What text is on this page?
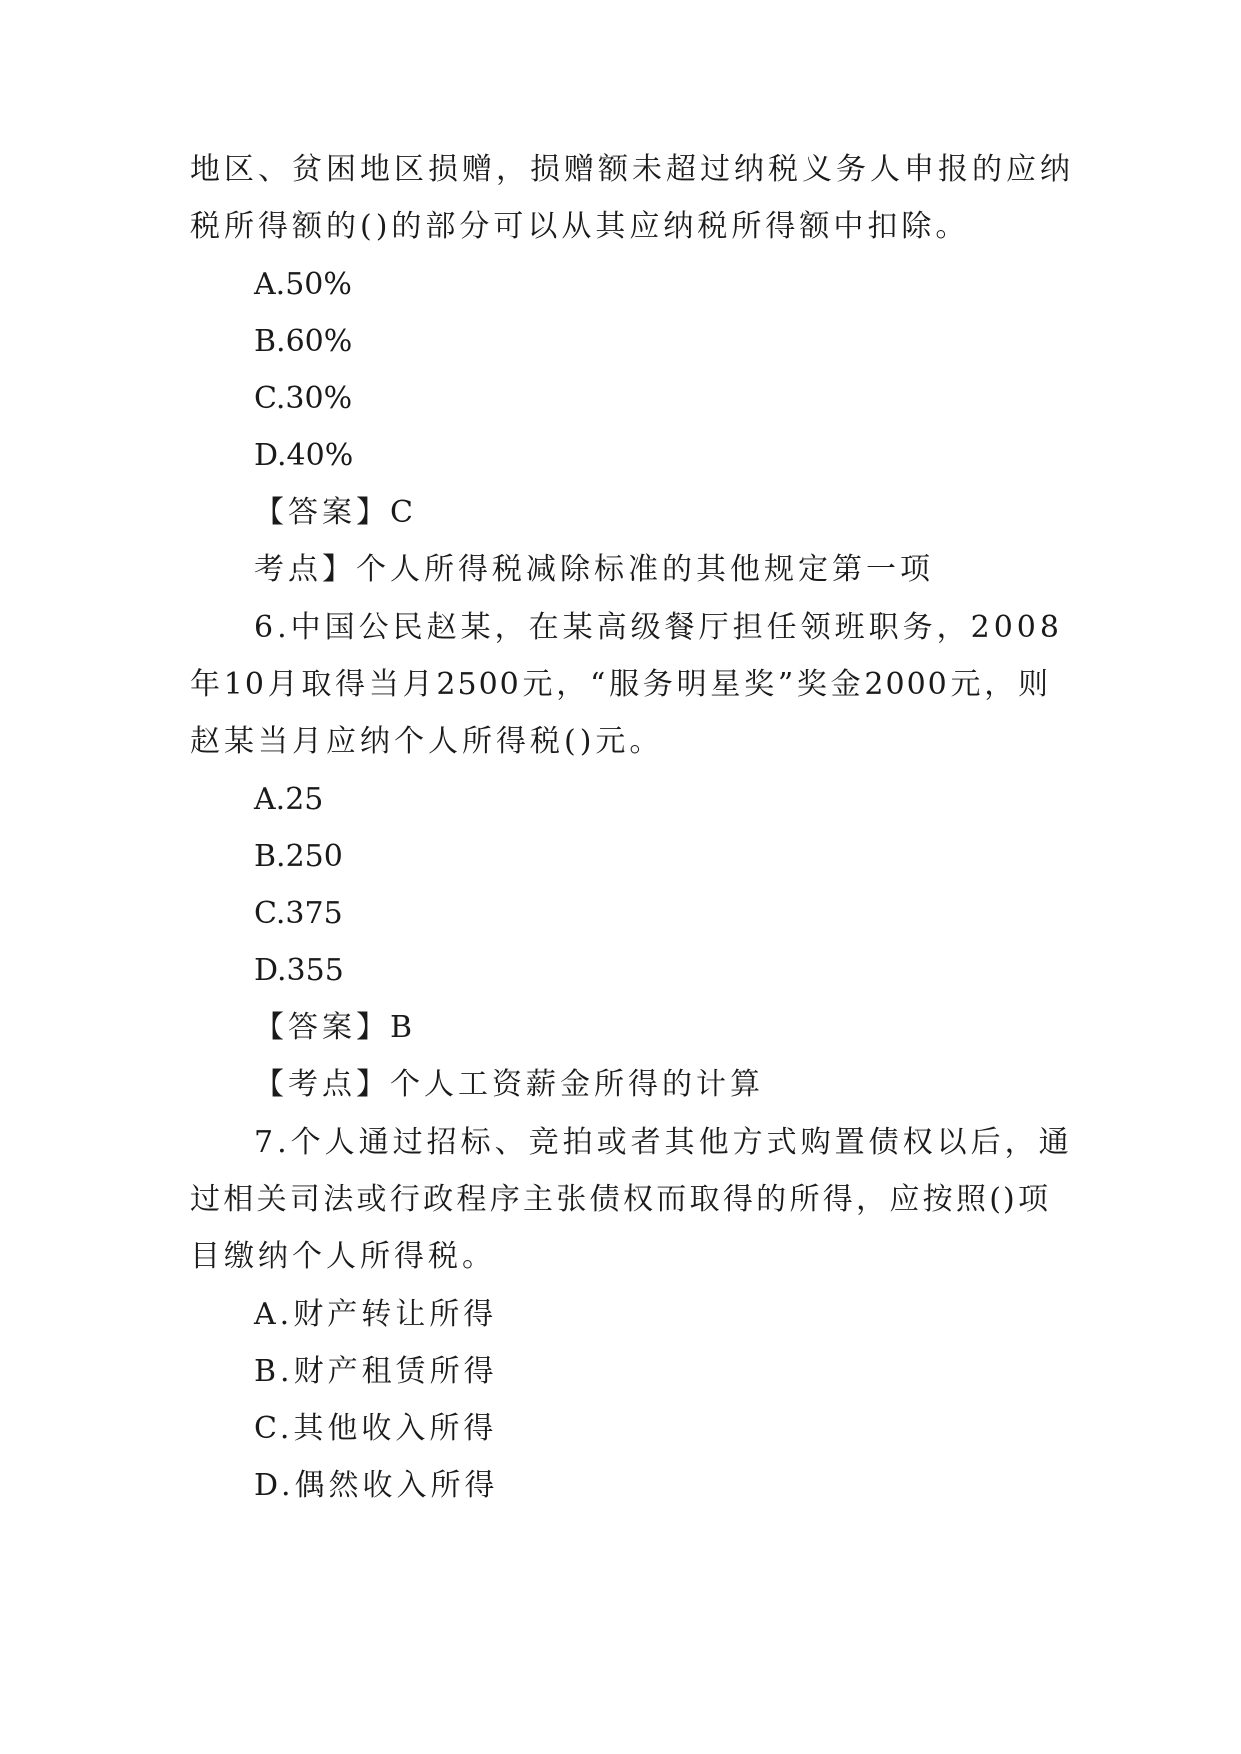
地区、贫困地区损赠，损赠额未超过纳税义务人申报的应纳
税所得额的()的部分可以从其应纳税所得额中扣除。
A.50%
B.60%
C.30%
D.40%
【答案】C
考点】个人所得税减除标准的其他规定第一项
6.中国公民赵某，在某高级餐厅担任领班职务，2008
年10月取得当月2500元，“服务明星奖”奖金2000元，则
赵某当月应纳个人所得税()元。
A.25
B.250
C.375
D.355
【答案】B
【考点】个人工资薪金所得的计算
7.个人通过招标、竞拍或者其他方式购置债权以后，通
过相关司法或行政程序主张债权而取得的所得，应按照()项
目缴纳个人所得税。
A.财产转让所得
B.财产租赁所得
C.其他收入所得
D.偶然收入所得
